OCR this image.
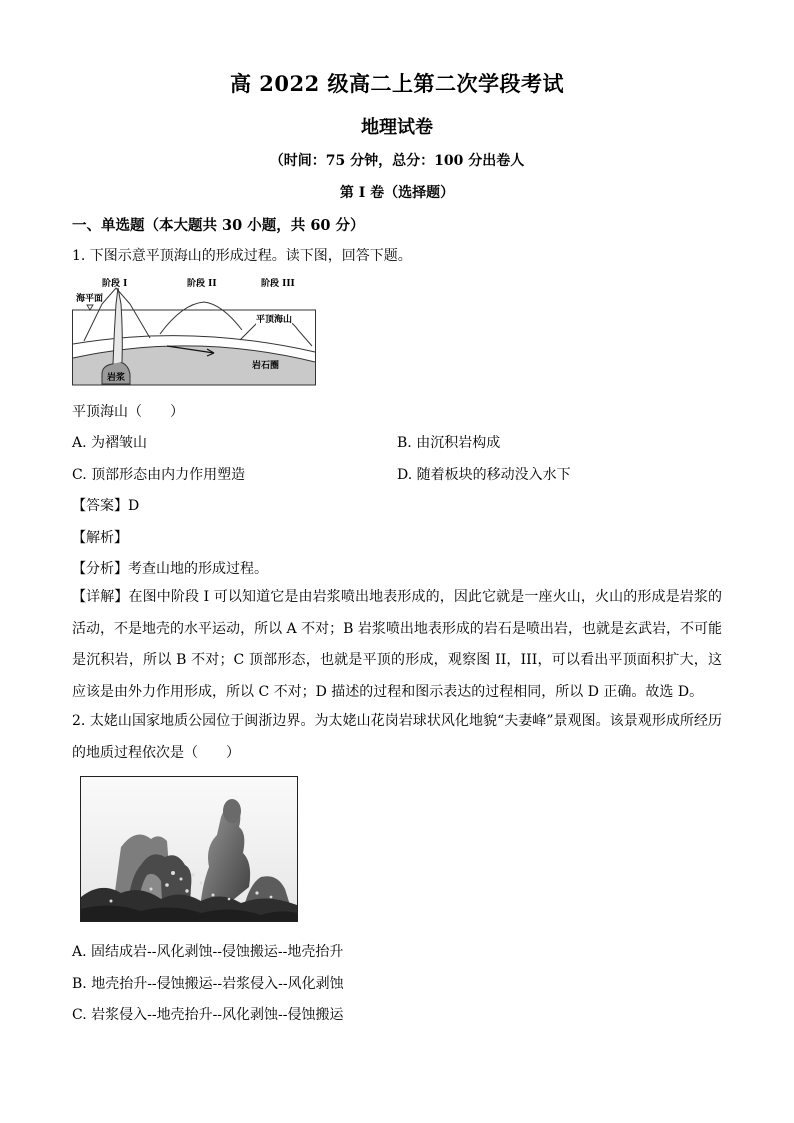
高 2022 级高二上第二次学段考试
地理试卷
（时间：75 分钟，总分：100 分出卷人
第 I 卷（选择题）
一、单选题（本大题共 30 小题，共 60 分）
1. 下图示意平顶海山的形成过程。读下图，回答下题。
阶段 I	阶段 II	阶段 III
海平面
平顶海山
岩石圈
岩浆
平顶海山（　　）
A. 为褶皱山	B. 由沉积岩构成
C. 顶部形态由内力作用塑造	D. 随着板块的移动没入水下
【答案】D
【解析】
【分析】考查山地的形成过程。
【详解】在图中阶段 I 可以知道它是由岩浆喷出地表形成的，因此它就是一座火山，火山的形成是岩浆的活动，不是地壳的水平运动，所以 A 不对；B 岩浆喷出地表形成的岩石是喷出岩，也就是玄武岩，不可能是沉积岩，所以 B 不对；C 顶部形态，也就是平顶的形成，观察图 II，III，可以看出平顶面积扩大，这应该是由外力作用形成，所以 C 不对；D 描述的过程和图示表达的过程相同，所以 D 正确。故选 D。
2. 太姥山国家地质公园位于闽浙边界。为太姥山花岗岩球状风化地貌“夫妻峰”景观图。该景观形成所经历的地质过程依次是（　　）
A. 固结成岩--风化剥蚀--侵蚀搬运--地壳抬升
B. 地壳抬升--侵蚀搬运--岩浆侵入--风化剥蚀
C. 岩浆侵入--地壳抬升--风化剥蚀--侵蚀搬运
